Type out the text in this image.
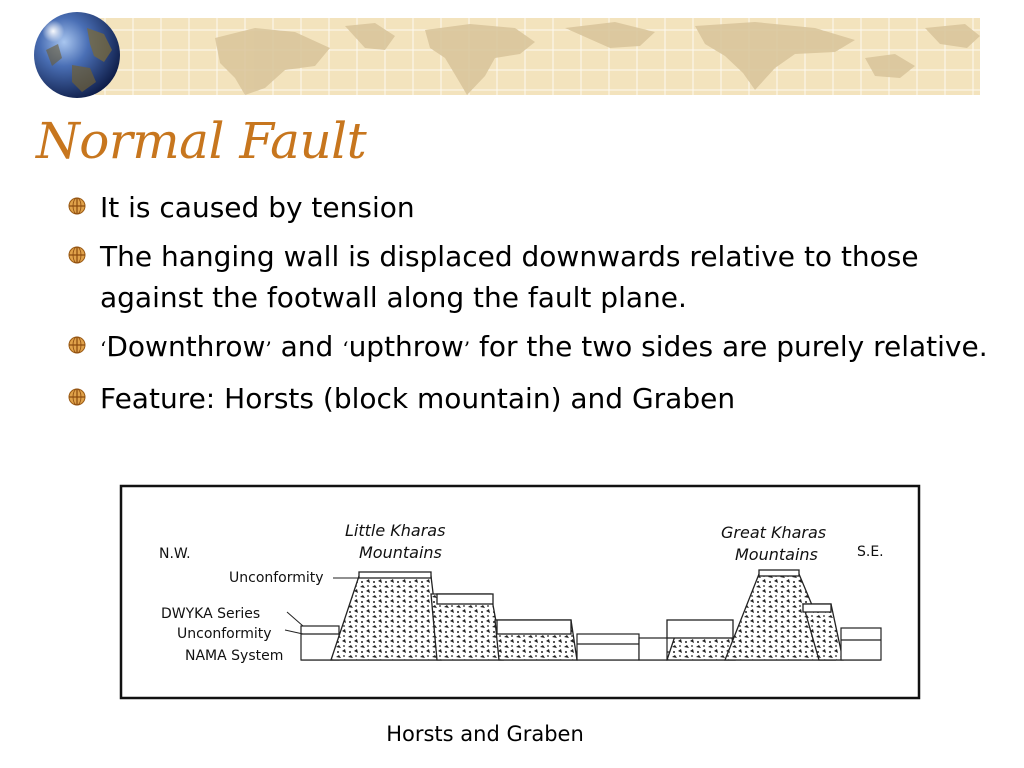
Normal Fault
It is caused by tension
The hanging wall is displaced downwards relative to those against the footwall along the fault plane.
‘Downthrow’ and ‘upthrow’ for the two sides are purely relative.
Feature: Horsts (block mountain) and Graben
N.W.	S.E.
Little Kharas
Mountains
Great Kharas
Mountains
Unconformity
DWYKA Series
Unconformity
NAMA System
Horsts and Graben
